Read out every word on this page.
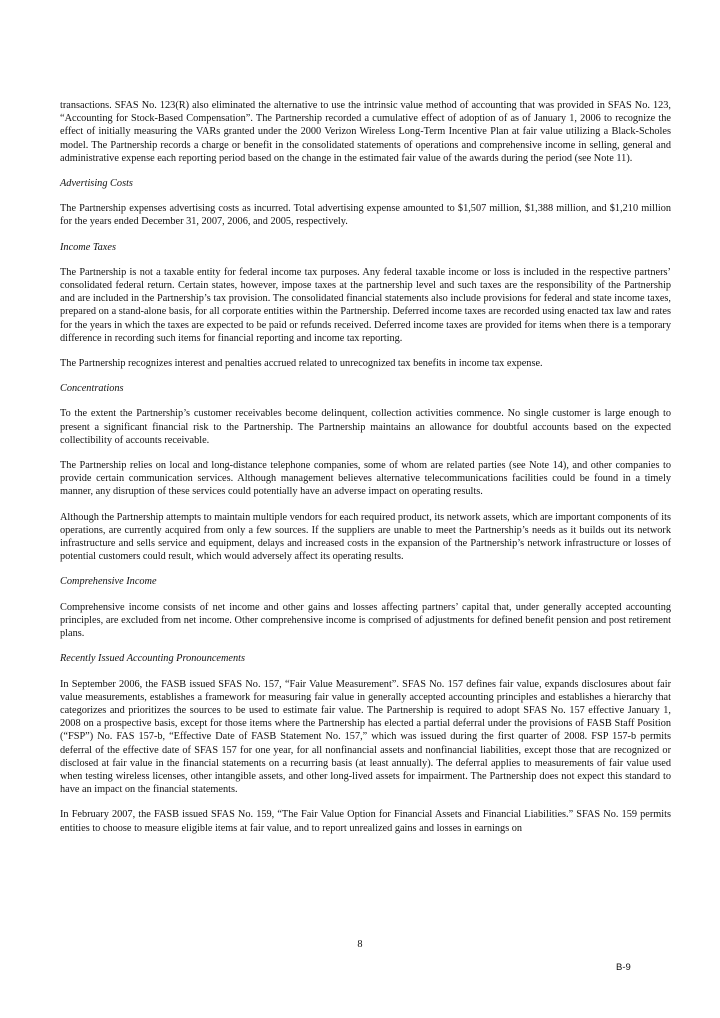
transactions. SFAS No. 123(R) also eliminated the alternative to use the intrinsic value method of accounting that was provided in SFAS No. 123, “Accounting for Stock-Based Compensation”. The Partnership recorded a cumulative effect of adoption of as of January 1, 2006 to recognize the effect of initially measuring the VARs granted under the 2000 Verizon Wireless Long-Term Incentive Plan at fair value utilizing a Black-Scholes model. The Partnership records a charge or benefit in the consolidated statements of operations and comprehensive income in selling, general and administrative expense each reporting period based on the change in the estimated fair value of the awards during the period (see Note 11).

Advertising Costs

The Partnership expenses advertising costs as incurred. Total advertising expense amounted to $1,507 million, $1,388 million, and $1,210 million for the years ended December 31, 2007, 2006, and 2005, respectively.

Income Taxes

The Partnership is not a taxable entity for federal income tax purposes. Any federal taxable income or loss is included in the respective partners’ consolidated federal return. Certain states, however, impose taxes at the partnership level and such taxes are the responsibility of the Partnership and are included in the Partnership’s tax provision. The consolidated financial statements also include provisions for federal and state income taxes, prepared on a stand-alone basis, for all corporate entities within the Partnership. Deferred income taxes are recorded using enacted tax law and rates for the years in which the taxes are expected to be paid or refunds received. Deferred income taxes are provided for items when there is a temporary difference in recording such items for financial reporting and income tax reporting.

The Partnership recognizes interest and penalties accrued related to unrecognized tax benefits in income tax expense.

Concentrations

To the extent the Partnership’s customer receivables become delinquent, collection activities commence. No single customer is large enough to present a significant financial risk to the Partnership. The Partnership maintains an allowance for doubtful accounts based on the expected collectibility of accounts receivable.

The Partnership relies on local and long-distance telephone companies, some of whom are related parties (see Note 14), and other companies to provide certain communication services. Although management believes alternative telecommunications facilities could be found in a timely manner, any disruption of these services could potentially have an adverse impact on operating results.

Although the Partnership attempts to maintain multiple vendors for each required product, its network assets, which are important components of its operations, are currently acquired from only a few sources. If the suppliers are unable to meet the Partnership’s needs as it builds out its network infrastructure and sells service and equipment, delays and increased costs in the expansion of the Partnership’s network infrastructure or losses of potential customers could result, which would adversely affect its operating results.

Comprehensive Income

Comprehensive income consists of net income and other gains and losses affecting partners’ capital that, under generally accepted accounting principles, are excluded from net income. Other comprehensive income is comprised of adjustments for defined benefit pension and post retirement plans.

Recently Issued Accounting Pronouncements

In September 2006, the FASB issued SFAS No. 157, “Fair Value Measurement”. SFAS No. 157 defines fair value, expands disclosures about fair value measurements, establishes a framework for measuring fair value in generally accepted accounting principles and establishes a hierarchy that categorizes and prioritizes the sources to be used to estimate fair value. The Partnership is required to adopt SFAS No. 157 effective January 1, 2008 on a prospective basis, except for those items where the Partnership has elected a partial deferral under the provisions of FASB Staff Position (“FSP”) No. FAS 157-b, “Effective Date of FASB Statement No. 157,” which was issued during the first quarter of 2008. FSP 157-b permits deferral of the effective date of SFAS 157 for one year, for all nonfinancial assets and nonfinancial liabilities, except those that are recognized or disclosed at fair value in the financial statements on a recurring basis (at least annually). The deferral applies to measurements of fair value used when testing wireless licenses, other intangible assets, and other long-lived assets for impairment. The Partnership does not expect this standard to have an impact on the financial statements.

In February 2007, the FASB issued SFAS No. 159, “The Fair Value Option for Financial Assets and Financial Liabilities.” SFAS No. 159 permits entities to choose to measure eligible items at fair value, and to report unrealized gains and losses in earnings on

8
B-9
